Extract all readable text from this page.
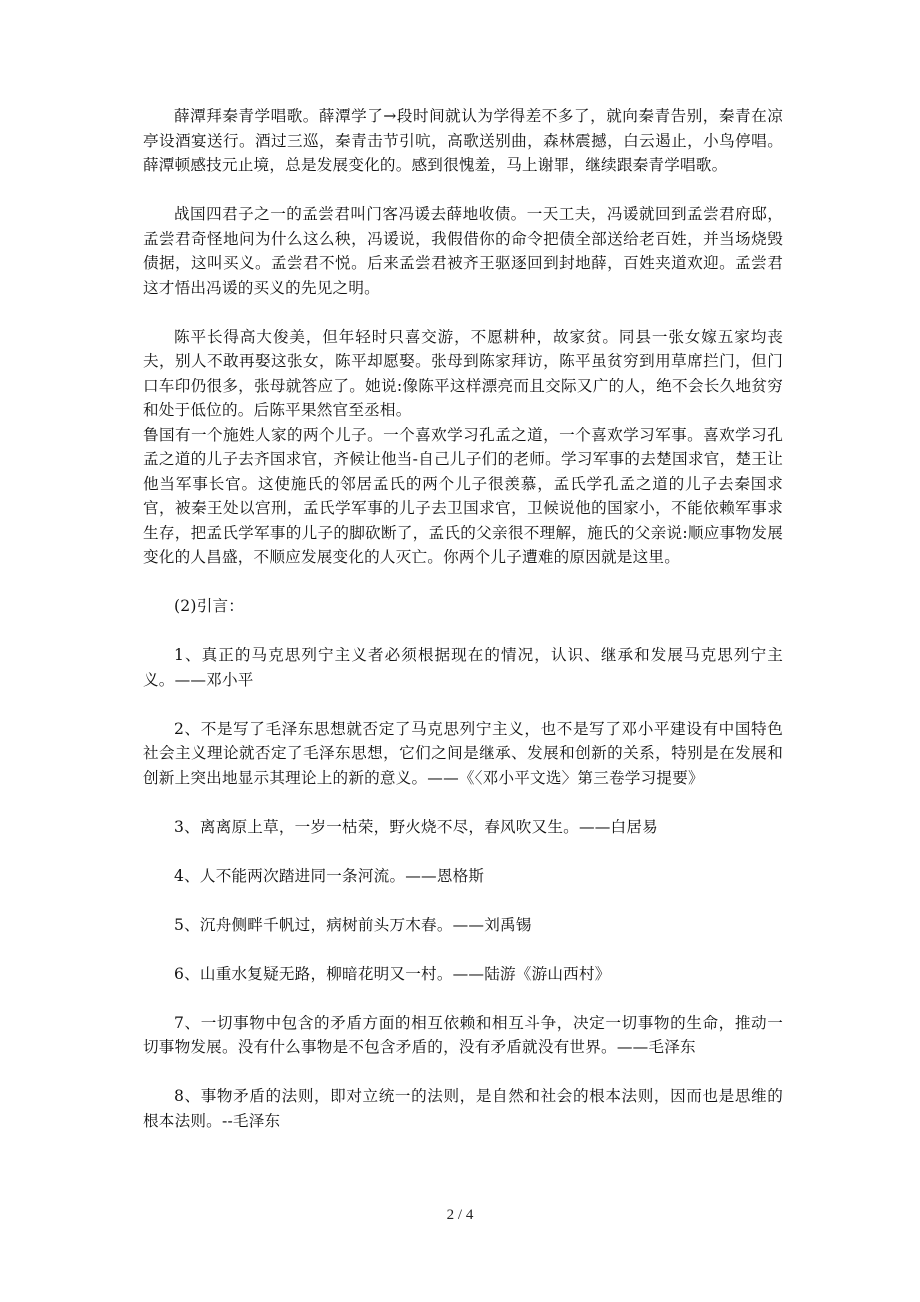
薛潭拜秦青学唱歌。薛潭学了→段时间就认为学得差不多了，就向秦青告别，秦青在凉亭设酒宴送行。酒过三巡，秦青击节引吭，高歌送别曲，森林震撼，白云遏止，小鸟停唱。薛潭顿感技元止境，总是发展变化的。感到很愧羞，马上谢罪，继续跟秦青学唱歌。

战国四君子之一的孟尝君叫门客冯谖去薛地收债。一天工夫，冯谖就回到孟尝君府邸，孟尝君奇怪地问为什么这么秧，冯谖说，我假借你的命令把债全部送给老百姓，并当场烧毁债据，这叫买义。孟尝君不悦。后来孟尝君被齐王驱逐回到封地薛，百姓夹道欢迎。孟尝君这才悟出冯谖的买义的先见之明。

陈平长得高大俊美，但年轻时只喜交游，不愿耕种，故家贫。同县一张女嫁五家均丧夫，别人不敢再娶这张女，陈平却愿娶。张母到陈家拜访，陈平虽贫穷到用草席拦门，但门口车印仍很多，张母就答应了。她说:像陈平这样漂亮而且交际又广的人，绝不会长久地贫穷和处于低位的。后陈平果然官至丞相。

鲁国有一个施姓人家的两个儿子。一个喜欢学习孔孟之道，一个喜欢学习军事。喜欢学习孔孟之道的儿子去齐国求官，齐候让他当-自己儿子们的老师。学习军事的去楚国求官，楚王让他当军事长官。这使施氏的邻居孟氏的两个儿子很羡慕，孟氏学孔孟之道的儿子去秦国求官，被秦王处以宫刑，孟氏学军事的儿子去卫国求官，卫候说他的国家小，不能依赖军事求生存，把孟氏学军事的儿子的脚砍断了，孟氏的父亲很不理解，施氏的父亲说:顺应事物发展变化的人昌盛，不顺应发展变化的人灭亡。你两个儿子遭难的原因就是这里。

(2)引言：

1、真正的马克思列宁主义者必须根据现在的情况，认识、继承和发展马克思列宁主义。——邓小平

2、不是写了毛泽东思想就否定了马克思列宁主义，也不是写了邓小平建设有中国特色社会主义理论就否定了毛泽东思想，它们之间是继承、发展和创新的关系，特别是在发展和创新上突出地显示其理论上的新的意义。——《〈邓小平文选〉第三卷学习提要》

3、离离原上草，一岁一枯荣，野火烧不尽，春风吹又生。——白居易

4、人不能两次踏进同一条河流。——恩格斯

5、沉舟侧畔千帆过，病树前头万木春。——刘禹锡

6、山重水复疑无路，柳暗花明又一村。——陆游《游山西村》

7、一切事物中包含的矛盾方面的相互依赖和相互斗争，决定一切事物的生命，推动一切事物发展。没有什么事物是不包含矛盾的，没有矛盾就没有世界。——毛泽东

8、事物矛盾的法则，即对立统一的法则，是自然和社会的根本法则，因而也是思维的根本法则。--毛泽东

2 / 4
